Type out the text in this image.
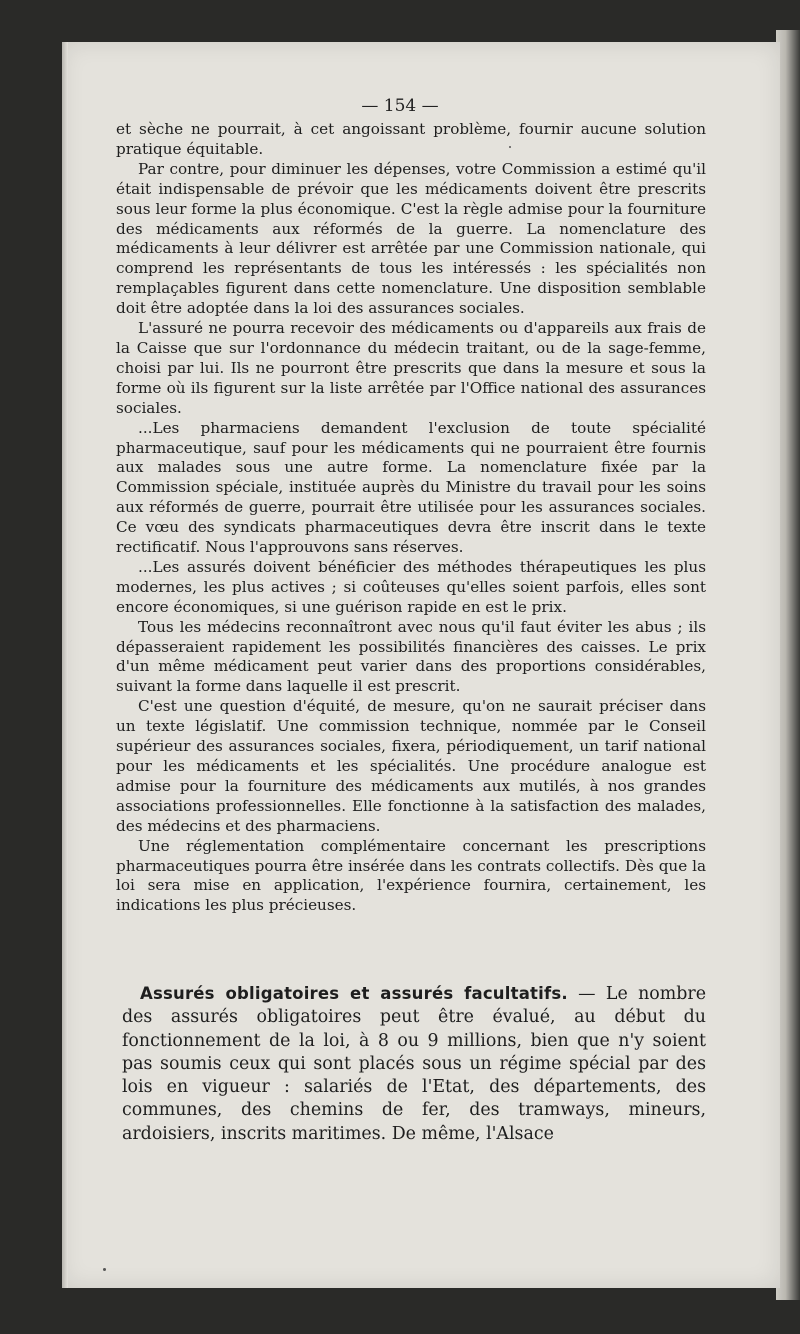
— 154 —

et sèche ne pourrait, à cet angoissant problème, fournir aucune solution pratique équitable.

Par contre, pour diminuer les dépenses, votre Commission a estimé qu'il était indispensable de prévoir que les médicaments doivent être prescrits sous leur forme la plus économique. C'est la règle admise pour la fourniture des médicaments aux réformés de la guerre. La nomenclature des médicaments à leur délivrer est arrêtée par une Commission nationale, qui comprend les représentants de tous les intéressés : les spécialités non remplaçables figurent dans cette nomenclature. Une disposition semblable doit être adoptée dans la loi des assurances sociales.

L'assuré ne pourra recevoir des médicaments ou d'appareils aux frais de la Caisse que sur l'ordonnance du médecin traitant, ou de la sage-femme, choisi par lui. Ils ne pourront être prescrits que dans la mesure et sous la forme où ils figurent sur la liste arrêtée par l'Office national des assurances sociales.

...Les pharmaciens demandent l'exclusion de toute spécialité pharmaceutique, sauf pour les médicaments qui ne pourraient être fournis aux malades sous une autre forme. La nomenclature fixée par la Commission spéciale, instituée auprès du Ministre du travail pour les soins aux réformés de guerre, pourrait être utilisée pour les assurances sociales. Ce vœu des syndicats pharmaceutiques devra être inscrit dans le texte rectificatif. Nous l'approuvons sans réserves.

...Les assurés doivent bénéficier des méthodes thérapeutiques les plus modernes, les plus actives ; si coûteuses qu'elles soient parfois, elles sont encore économiques, si une guérison rapide en est le prix.

Tous les médecins reconnaîtront avec nous qu'il faut éviter les abus ; ils dépasseraient rapidement les possibilités financières des caisses. Le prix d'un même médicament peut varier dans des proportions considérables, suivant la forme dans laquelle il est prescrit.

C'est une question d'équité, de mesure, qu'on ne saurait préciser dans un texte législatif. Une commission technique, nommée par le Conseil supérieur des assurances sociales, fixera, périodiquement, un tarif national pour les médicaments et les spécialités. Une procédure analogue est admise pour la fourniture des médicaments aux mutilés, à nos grandes associations professionnelles. Elle fonctionne à la satisfaction des malades, des médecins et des pharmaciens.

Une réglementation complémentaire concernant les prescriptions pharmaceutiques pourra être insérée dans les contrats collectifs. Dès que la loi sera mise en application, l'expérience fournira, certainement, les indications les plus précieuses.

Assurés obligatoires et assurés facultatifs. — Le nombre des assurés obligatoires peut être évalué, au début du fonctionnement de la loi, à 8 ou 9 millions, bien que n'y soient pas soumis ceux qui sont placés sous un régime spécial par des lois en vigueur : salariés de l'Etat, des départements, des communes, des chemins de fer, des tramways, mineurs, ardoisiers, inscrits maritimes. De même, l'Alsace
